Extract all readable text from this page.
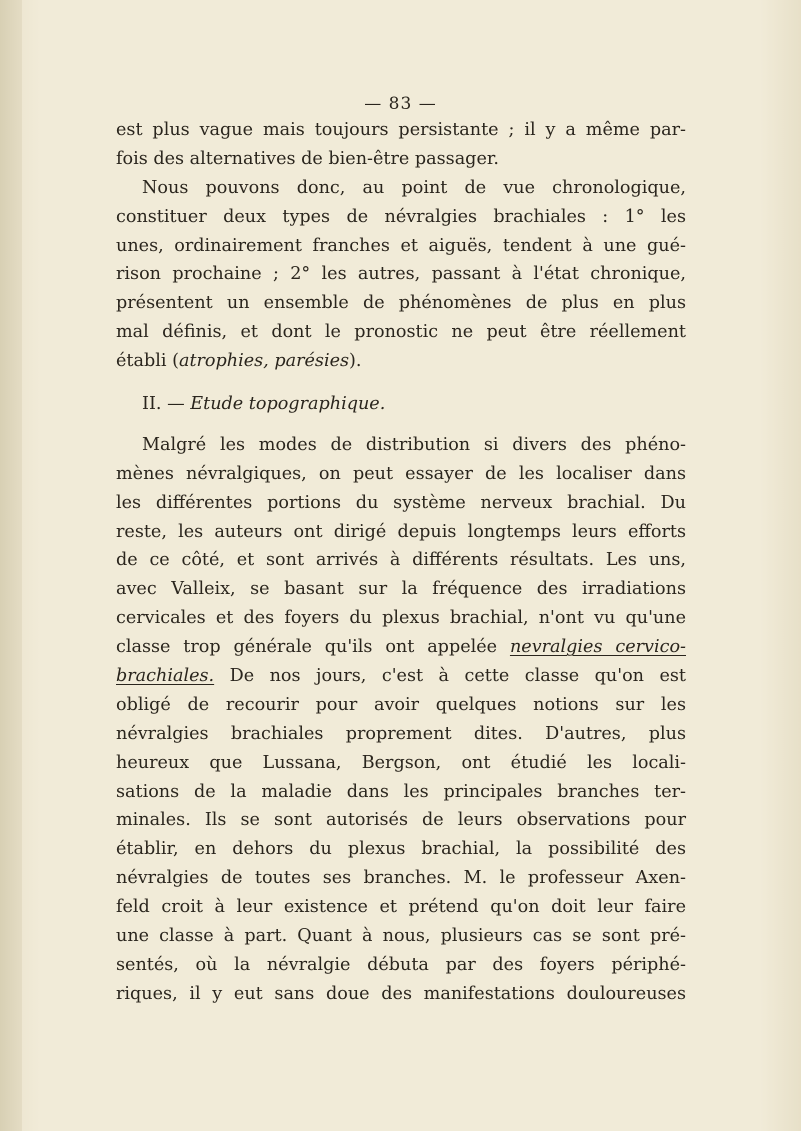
— 83 —
est plus vague mais toujours persistante ; il y a même par-
fois des alternatives de bien-être passager.
Nous pouvons donc, au point de vue chronologique,
constituer deux types de névralgies brachiales : 1° les
unes, ordinairement franches et aiguës, tendent à une gué-
rison prochaine ; 2° les autres, passant à l'état chronique,
présentent un ensemble de phénomènes de plus en plus
mal définis, et dont le pronostic ne peut être réellement
établi (atrophies, parésies).
II. — Etude topographique.
Malgré les modes de distribution si divers des phéno-
mènes névralgiques, on peut essayer de les localiser dans
les différentes portions du système nerveux brachial. Du
reste, les auteurs ont dirigé depuis longtemps leurs efforts
de ce côté, et sont arrivés à différents résultats. Les uns,
avec Valleix, se basant sur la fréquence des irradiations
cervicales et des foyers du plexus brachial, n'ont vu qu'une
classe trop générale qu'ils ont appelée nevralgies cervico-
brachiales. De nos jours, c'est à cette classe qu'on est
obligé de recourir pour avoir quelques notions sur les
névralgies brachiales proprement dites. D'autres, plus
heureux que Lussana, Bergson, ont étudié les locali-
sations de la maladie dans les principales branches ter-
minales. Ils se sont autorisés de leurs observations pour
établir, en dehors du plexus brachial, la possibilité des
névralgies de toutes ses branches. M. le professeur Axen-
feld croit à leur existence et prétend qu'on doit leur faire
une classe à part. Quant à nous, plusieurs cas se sont pré-
sentés, où la névralgie débuta par des foyers périphé-
riques, il y eut sans doue des manifestations douloureuses
